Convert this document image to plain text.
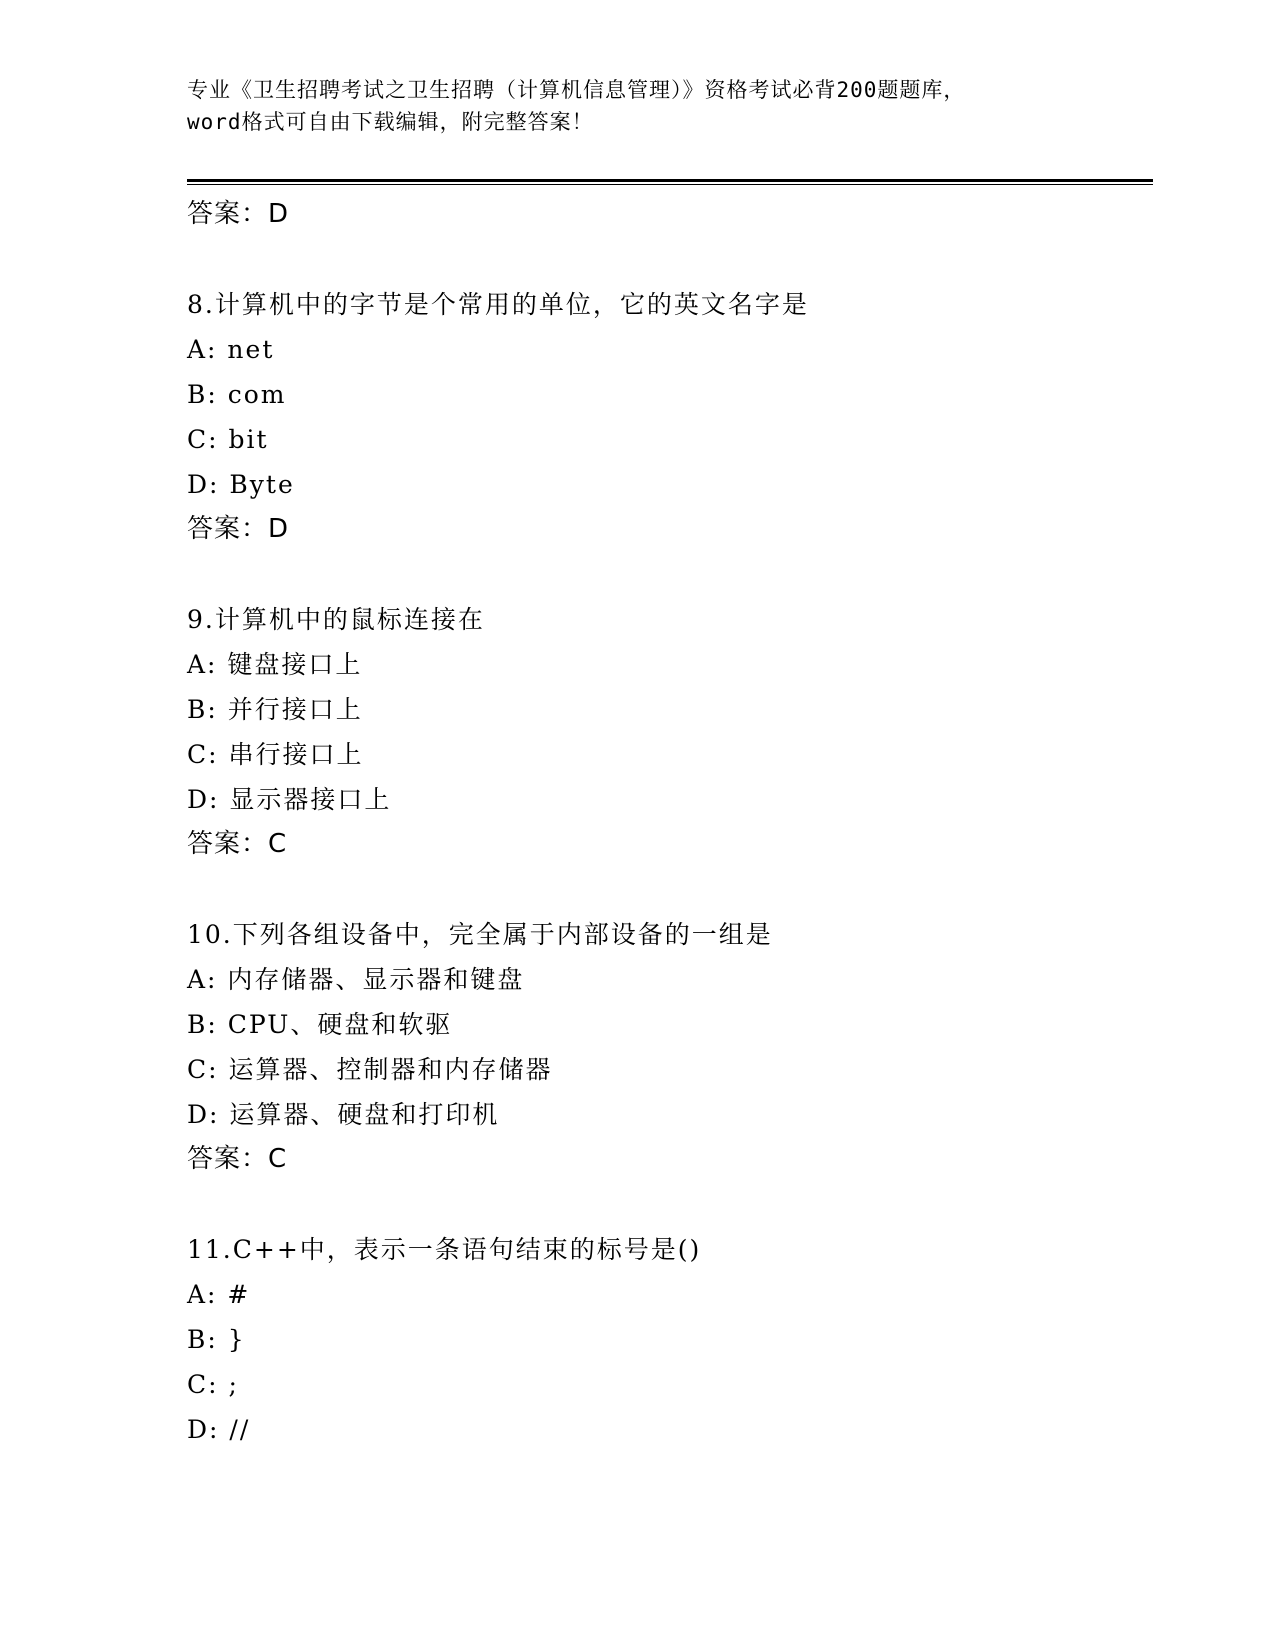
专业《卫生招聘考试之卫生招聘（计算机信息管理）》资格考试必背200题题库，
word格式可自由下载编辑，附完整答案！
答案：D
8.计算机中的字节是个常用的单位，它的英文名字是
A: net
B: com
C: bit
D: Byte
答案：D
9.计算机中的鼠标连接在
A: 键盘接口上
B: 并行接口上
C: 串行接口上
D: 显示器接口上
答案：C
10.下列各组设备中，完全属于内部设备的一组是
A: 内存储器、显示器和键盘
B: CPU、硬盘和软驱
C: 运算器、控制器和内存储器
D: 运算器、硬盘和打印机
答案：C
11.C++中，表示一条语句结束的标号是()
A: #
B: }
C: ;
D: //
